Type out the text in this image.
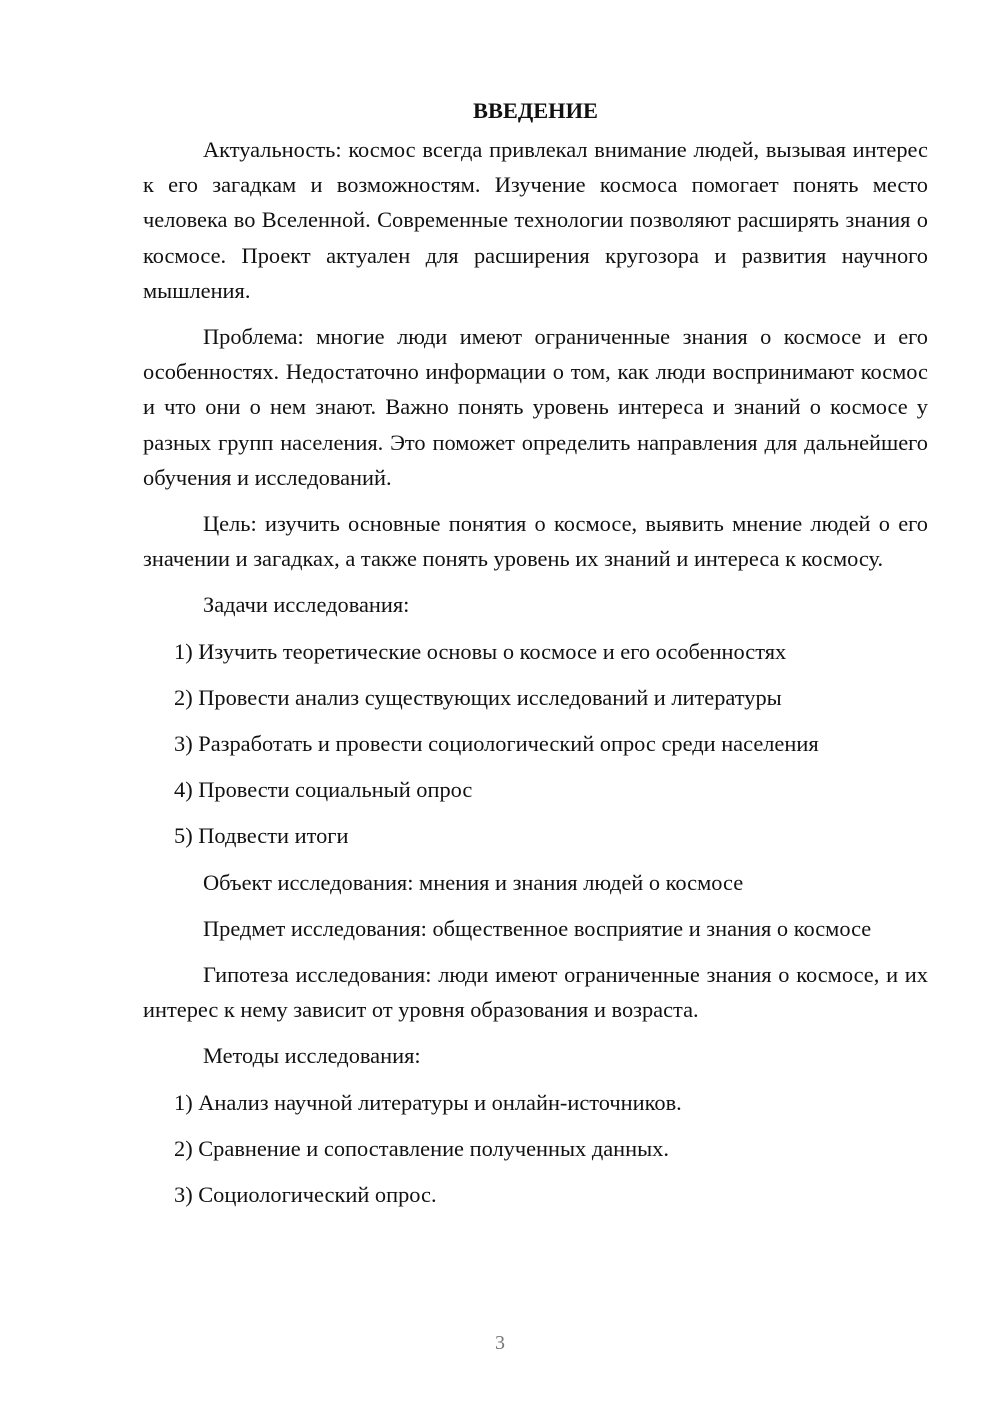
ВВЕДЕНИЕ
Актуальность: космос всегда привлекал внимание людей, вызывая интерес к его загадкам и возможностям. Изучение космоса помогает понять место человека во Вселенной. Современные технологии позволяют расширять знания о космосе. Проект актуален для расширения кругозора и развития научного мышления.
Проблема: многие люди имеют ограниченные знания о космосе и его особенностях. Недостаточно информации о том, как люди воспринимают космос и что они о нем знают. Важно понять уровень интереса и знаний о космосе у разных групп населения. Это поможет определить направления для дальнейшего обучения и исследований.
Цель: изучить основные понятия о космосе, выявить мнение людей о его значении и загадках, а также понять уровень их знаний и интереса к космосу.
Задачи исследования:
1) Изучить теоретические основы о космосе и его особенностях
2) Провести анализ существующих исследований и литературы
3) Разработать и провести социологический опрос среди населения
4) Провести социальный опрос
5) Подвести итоги
Объект исследования: мнения и знания людей о космосе
Предмет исследования: общественное восприятие и знания о космосе
Гипотеза исследования: люди имеют ограниченные знания о космосе, и их интерес к нему зависит от уровня образования и возраста.
Методы исследования:
1) Анализ научной литературы и онлайн-источников.
2) Сравнение и сопоставление полученных данных.
3) Социологический опрос.
3
